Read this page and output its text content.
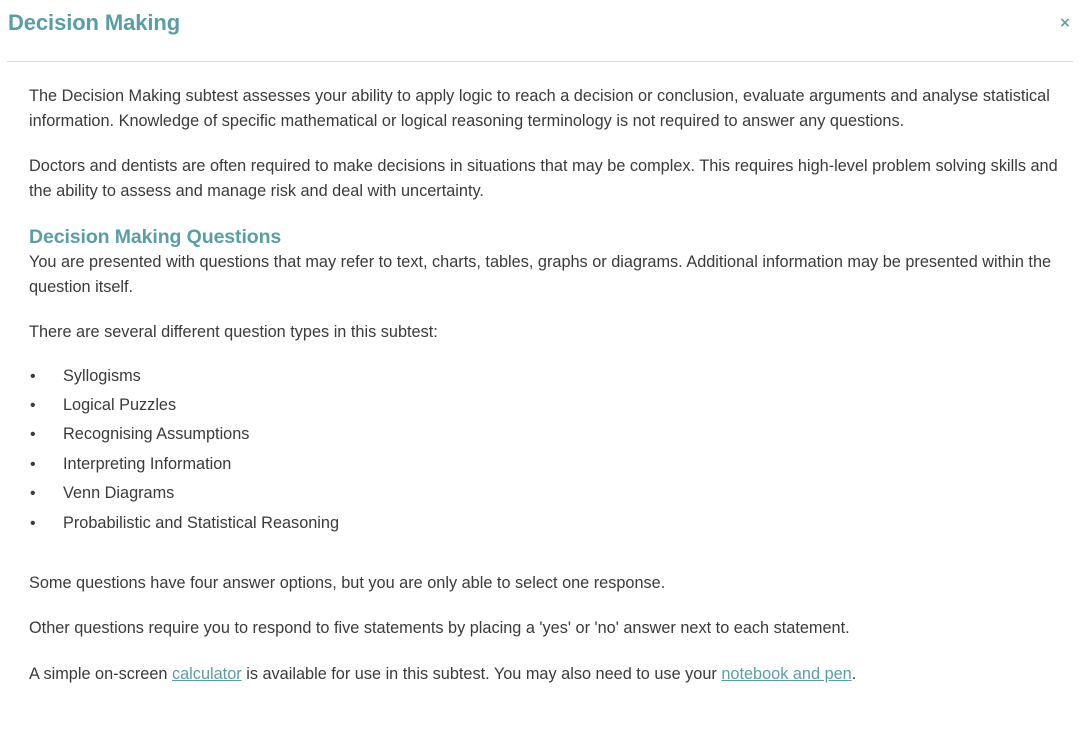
Decision Making	×

The Decision Making subtest assesses your ability to apply logic to reach a decision or conclusion, evaluate arguments and analyse statistical information. Knowledge of specific mathematical or logical reasoning terminology is not required to answer any questions.

Doctors and dentists are often required to make decisions in situations that may be complex. This requires high-level problem solving skills and the ability to assess and manage risk and deal with uncertainty.

Decision Making Questions

You are presented with questions that may refer to text, charts, tables, graphs or diagrams. Additional information may be presented within the question itself.

There are several different question types in this subtest:

• Syllogisms
• Logical Puzzles
• Recognising Assumptions
• Interpreting Information
• Venn Diagrams
• Probabilistic and Statistical Reasoning

Some questions have four answer options, but you are only able to select one response.

Other questions require you to respond to five statements by placing a 'yes' or 'no' answer next to each statement.

A simple on-screen calculator is available for use in this subtest. You may also need to use your notebook and pen.
